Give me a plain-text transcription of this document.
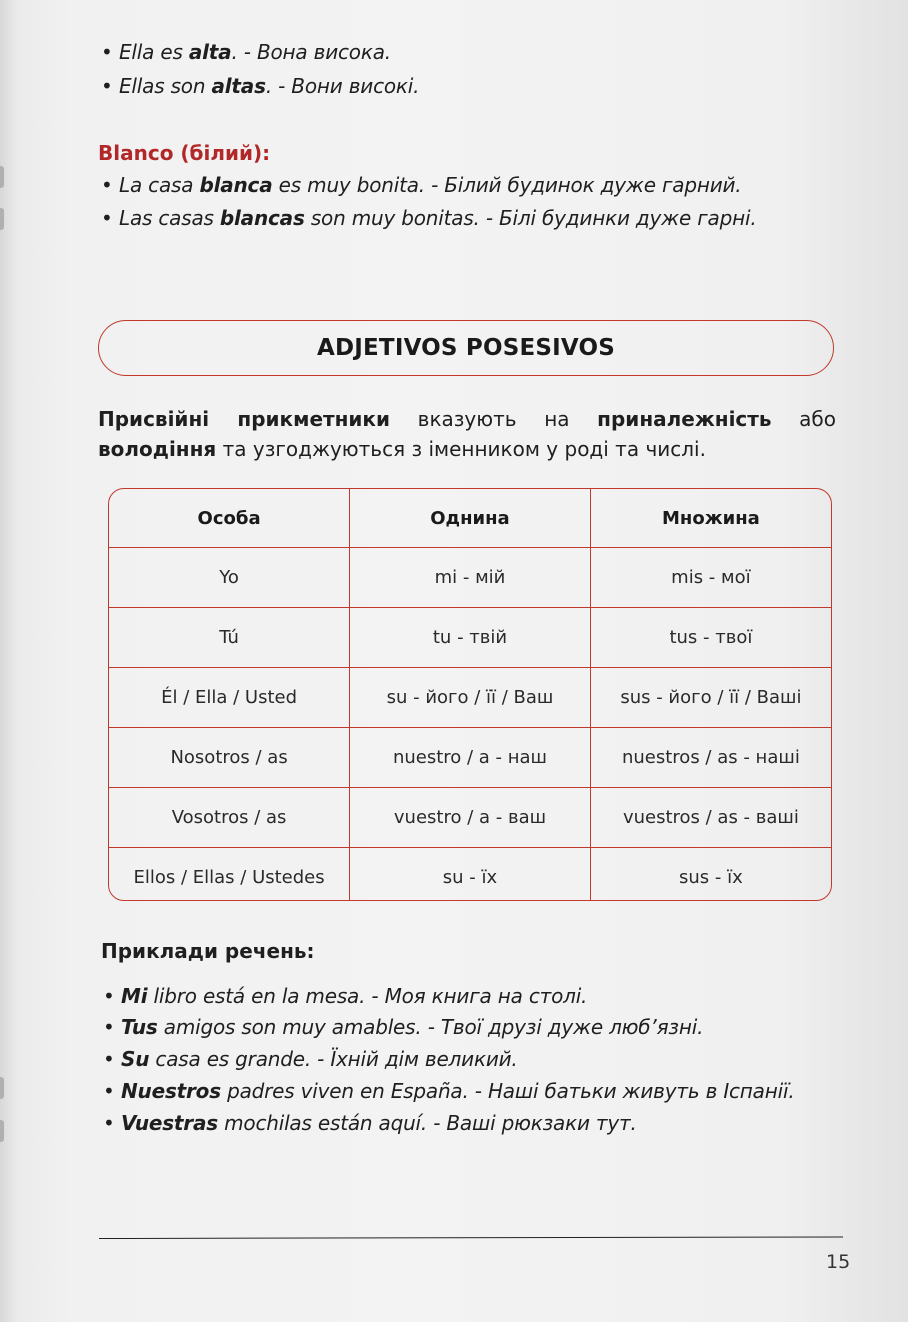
• Ella es alta. - Вона висока.
• Ellas son altas. - Вони високі.
Blanco (білий):
• La casa blanca es muy bonita. - Білий будинок дуже гарний.
• Las casas blancas son muy bonitas. - Білі будинки дуже гарні.
ADJETIVOS POSESIVOS
Присвійні прикметники вказують на приналежність або володіння та узгоджуються з іменником у роді та числі.
Особа	Однина	Множина
Yo	mi - мій	mis - мої
Tú	tu - твій	tus - твої
Él / Ella / Usted	su - його / її / Ваш	sus - його / її / Ваші
Nosotros / as	nuestro / a - наш	nuestros / as - наші
Vosotros / as	vuestro / a - ваш	vuestros / as - ваші
Ellos / Ellas / Ustedes	su - їх	sus - їх
Приклади речень:
• Mi libro está en la mesa. - Моя книга на столі.
• Tus amigos son muy amables. - Твої друзі дуже люб’язні.
• Su casa es grande. - Їхній дім великий.
• Nuestros padres viven en España. - Наші батьки живуть в Іспанії.
• Vuestras mochilas están aquí. - Ваші рюкзаки тут.
15
